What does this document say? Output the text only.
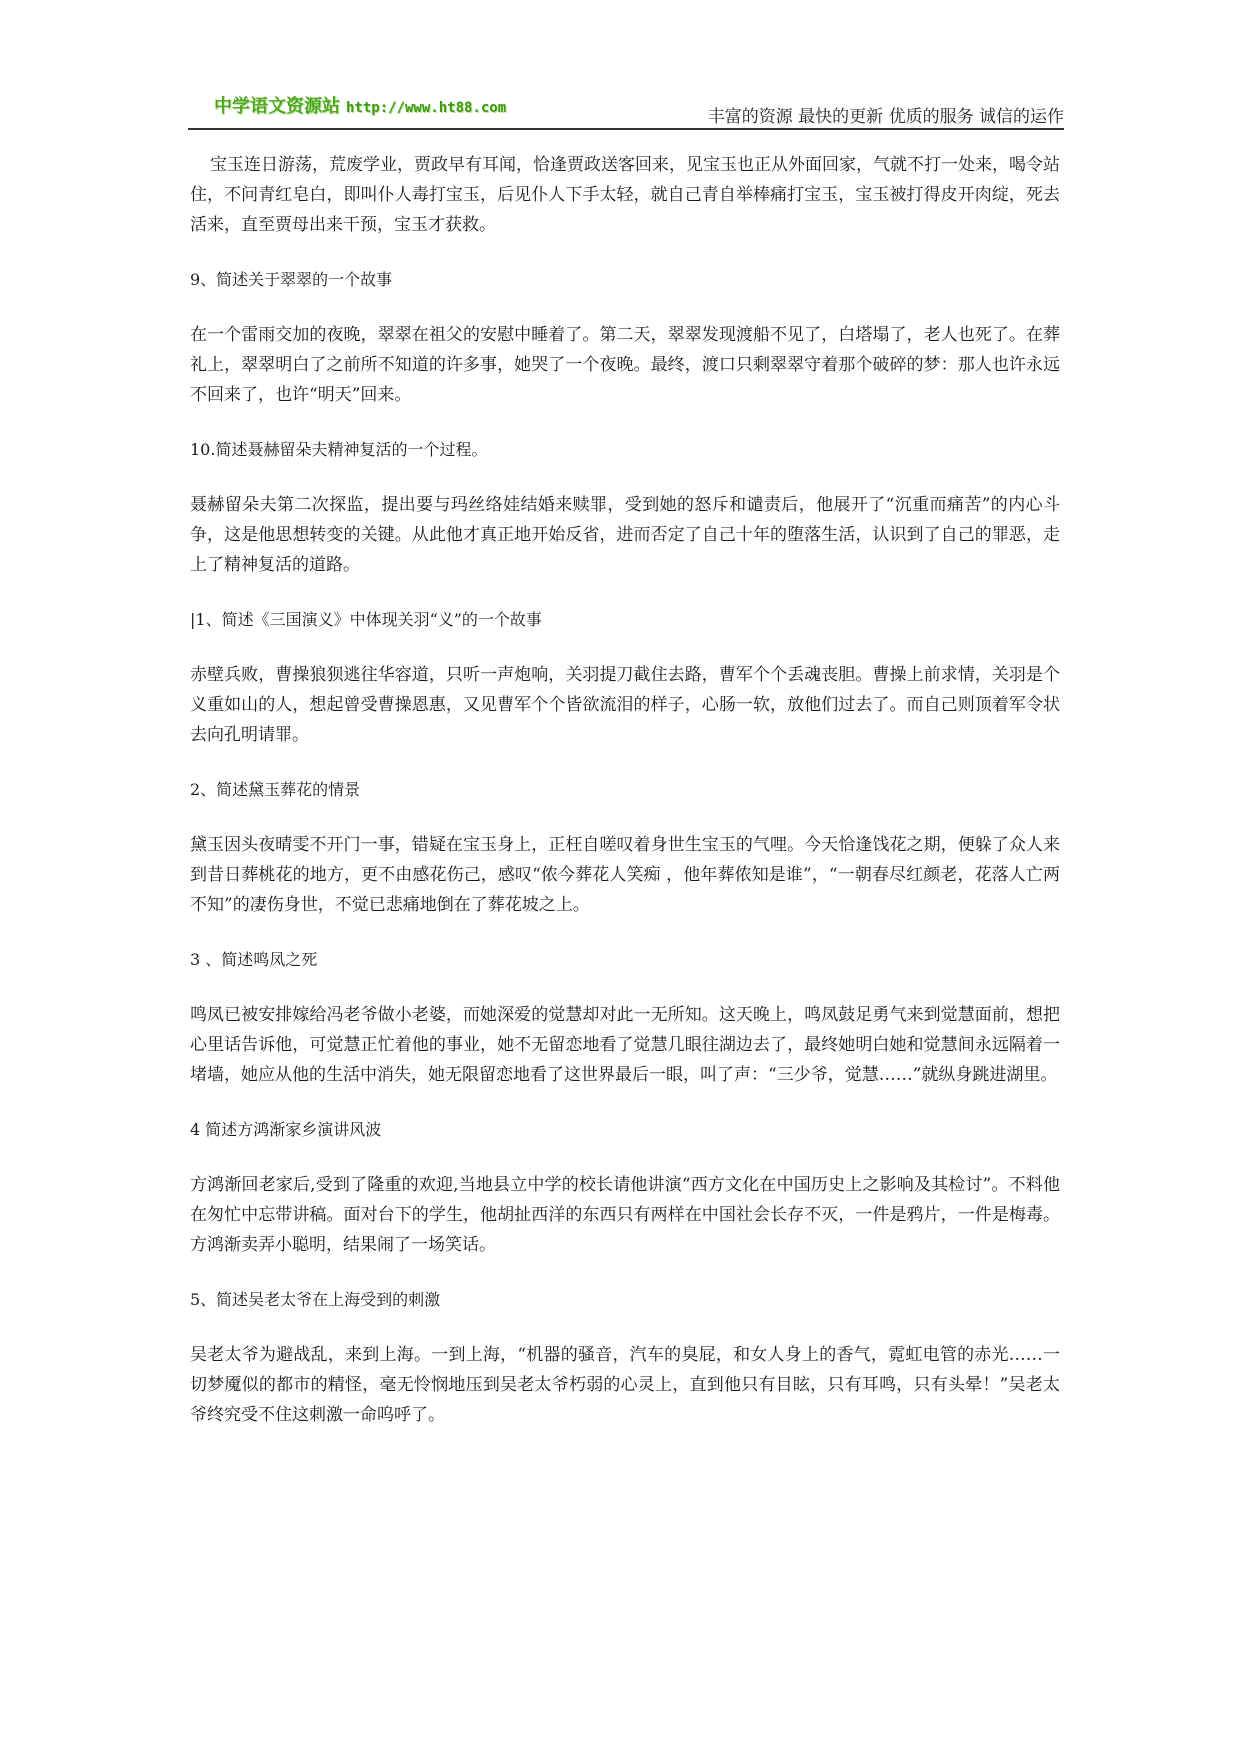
中学语文资源站 http://www.ht88.com	丰富的资源 最快的更新 优质的服务 诚信的运作

宝玉连日游荡，荒废学业，贾政早有耳闻，恰逢贾政送客回来，见宝玉也正从外面回家，气就不打一处来，喝令站住，不问青红皂白，即叫仆人毒打宝玉，后见仆人下手太轻，就自己青自举棒痛打宝玉，宝玉被打得皮开肉绽，死去活来，直至贾母出来干预，宝玉才获救。

9、简述关于翠翠的一个故事

在一个雷雨交加的夜晚，翠翠在祖父的安慰中睡着了。第二天，翠翠发现渡船不见了，白塔塌了，老人也死了。在葬礼上，翠翠明白了之前所不知道的许多事，她哭了一个夜晚。最终，渡口只剩翠翠守着那个破碎的梦：那人也许永远不回来了，也许“明天”回来。

10.简述聂赫留朵夫精神复活的一个过程。

聂赫留朵夫第二次探监，提出要与玛丝络娃结婚来赎罪，受到她的怒斥和谴责后，他展开了“沉重而痛苦”的内心斗争，这是他思想转变的关键。从此他才真正地开始反省，进而否定了自己十年的堕落生活，认识到了自己的罪恶，走上了精神复活的道路。

|1、简述《三国演义》中体现关羽“义”的一个故事

赤壁兵败，曹操狼狈逃往华容道，只听一声炮响，关羽提刀截住去路，曹军个个丢魂丧胆。曹操上前求情，关羽是个义重如山的人，想起曾受曹操恩惠，又见曹军个个皆欲流泪的样子，心肠一软，放他们过去了。而自己则顶着军令状去向孔明请罪。

2、简述黛玉葬花的情景

黛玉因头夜晴雯不开门一事，错疑在宝玉身上，正枉自嗟叹着身世生宝玉的气哩。今天恰逢饯花之期，便躲了众人来到昔日葬桃花的地方，更不由感花伤己，感叹“侬今葬花人笑痴 ，他年葬侬知是谁”，“一朝春尽红颜老，花落人亡两不知”的凄伤身世，不觉已悲痛地倒在了葬花坡之上。

3 、简述鸣凤之死

鸣凤已被安排嫁给冯老爷做小老婆，而她深爱的觉慧却对此一无所知。这天晚上，鸣凤鼓足勇气来到觉慧面前，想把心里话告诉他，可觉慧正忙着他的事业，她不无留恋地看了觉慧几眼往湖边去了，最终她明白她和觉慧间永远隔着一堵墙，她应从他的生活中消失，她无限留恋地看了这世界最后一眼，叫了声：“三少爷，觉慧……”就纵身跳进湖里。

4 简述方鸿渐家乡演讲风波

方鸿渐回老家后,受到了隆重的欢迎,当地县立中学的校长请他讲演“西方文化在中国历史上之影响及其检讨”。不料他在匆忙中忘带讲稿。面对台下的学生，他胡扯西洋的东西只有两样在中国社会长存不灭，一件是鸦片，一件是梅毒。方鸿渐卖弄小聪明，结果闹了一场笑话。

5、简述吴老太爷在上海受到的刺激

吴老太爷为避战乱，来到上海。一到上海，“机器的骚音，汽车的臭屁，和女人身上的香气，霓虹电管的赤光……一切梦魇似的都市的精怪，毫无怜悯地压到吴老太爷朽弱的心灵上，直到他只有目眩，只有耳鸣，只有头晕！”吴老太爷终究受不住这刺激一命呜呼了。
